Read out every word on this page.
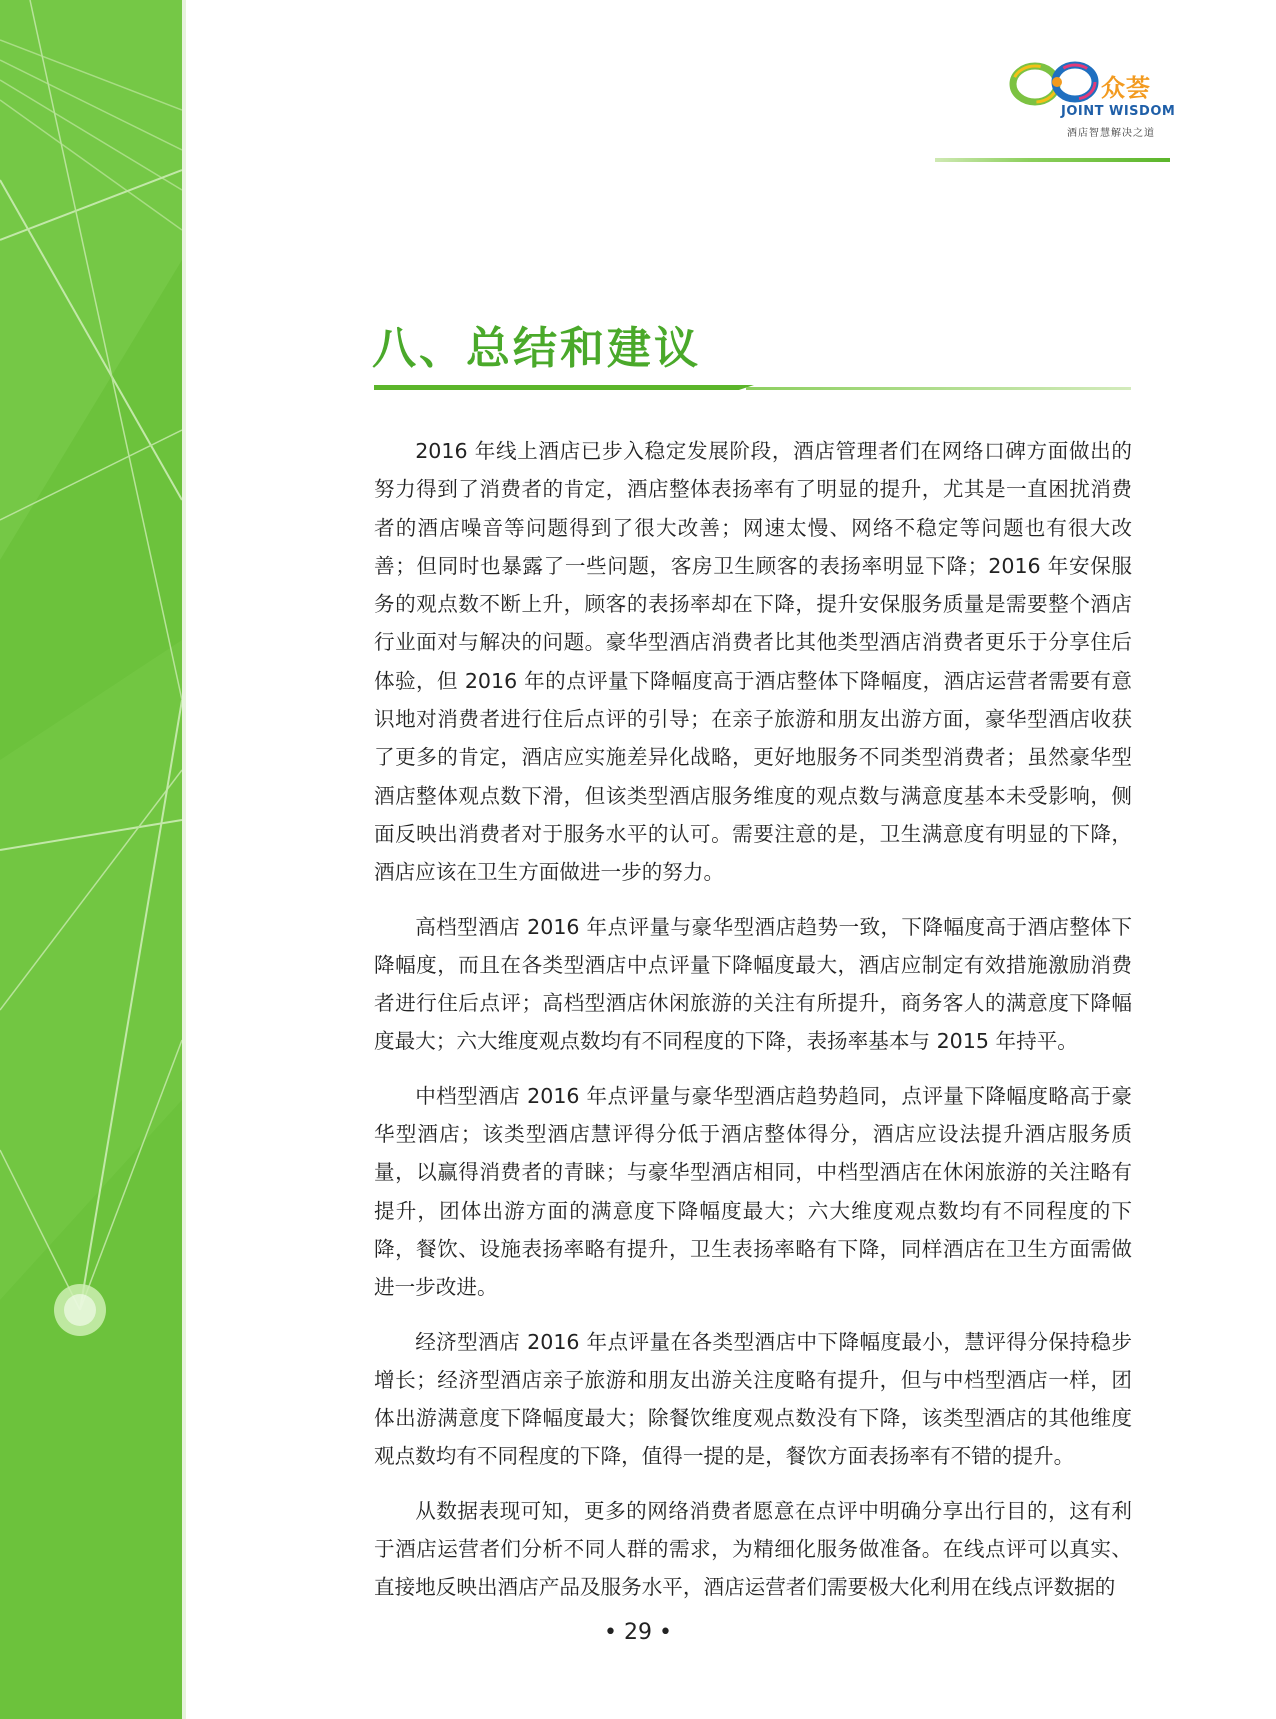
众荟
JOINT WISDOM
酒店智慧解决之道
八、总结和建议

2016 年线上酒店已步入稳定发展阶段，酒店管理者们在网络口碑方面做出的努力得到了消费者的肯定，酒店整体表扬率有了明显的提升，尤其是一直困扰消费者的酒店噪音等问题得到了很大改善；网速太慢、网络不稳定等问题也有很大改善；但同时也暴露了一些问题，客房卫生顾客的表扬率明显下降；2016 年安保服务的观点数不断上升，顾客的表扬率却在下降，提升安保服务质量是需要整个酒店行业面对与解决的问题。豪华型酒店消费者比其他类型酒店消费者更乐于分享住后体验，但 2016 年的点评量下降幅度高于酒店整体下降幅度，酒店运营者需要有意识地对消费者进行住后点评的引导；在亲子旅游和朋友出游方面，豪华型酒店收获了更多的肯定，酒店应实施差异化战略，更好地服务不同类型消费者；虽然豪华型酒店整体观点数下滑，但该类型酒店服务维度的观点数与满意度基本未受影响，侧面反映出消费者对于服务水平的认可。需要注意的是，卫生满意度有明显的下降，酒店应该在卫生方面做进一步的努力。

高档型酒店 2016 年点评量与豪华型酒店趋势一致，下降幅度高于酒店整体下降幅度，而且在各类型酒店中点评量下降幅度最大，酒店应制定有效措施激励消费者进行住后点评；高档型酒店休闲旅游的关注有所提升，商务客人的满意度下降幅度最大；六大维度观点数均有不同程度的下降，表扬率基本与 2015 年持平。

中档型酒店 2016 年点评量与豪华型酒店趋势趋同，点评量下降幅度略高于豪华型酒店；该类型酒店慧评得分低于酒店整体得分，酒店应设法提升酒店服务质量，以赢得消费者的青睐；与豪华型酒店相同，中档型酒店在休闲旅游的关注略有提升，团体出游方面的满意度下降幅度最大；六大维度观点数均有不同程度的下降，餐饮、设施表扬率略有提升，卫生表扬率略有下降，同样酒店在卫生方面需做进一步改进。

经济型酒店 2016 年点评量在各类型酒店中下降幅度最小，慧评得分保持稳步增长；经济型酒店亲子旅游和朋友出游关注度略有提升，但与中档型酒店一样，团体出游满意度下降幅度最大；除餐饮维度观点数没有下降，该类型酒店的其他维度观点数均有不同程度的下降，值得一提的是，餐饮方面表扬率有不错的提升。

从数据表现可知，更多的网络消费者愿意在点评中明确分享出行目的，这有利于酒店运营者们分析不同人群的需求，为精细化服务做准备。在线点评可以真实、直接地反映出酒店产品及服务水平，酒店运营者们需要极大化利用在线点评数据的

• 29 •
